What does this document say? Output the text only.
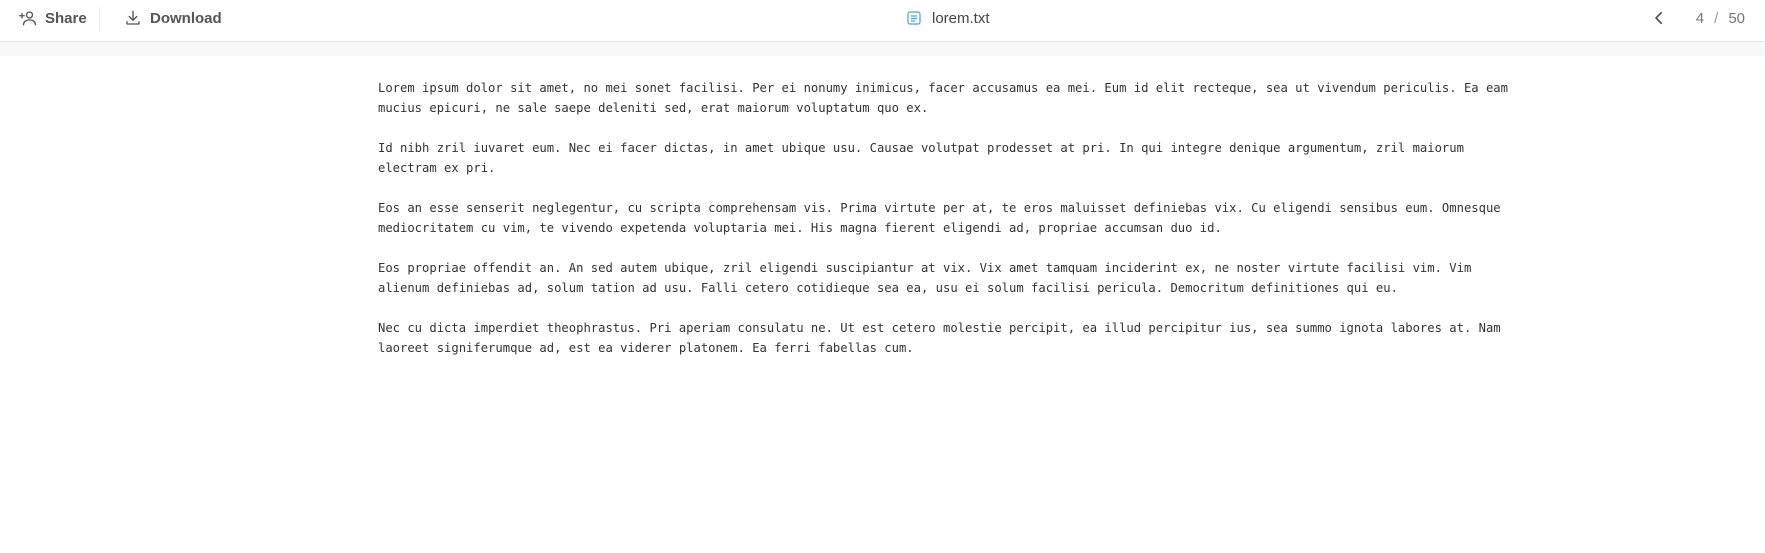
Share	Download	lorem.txt	4 / 50

Lorem ipsum dolor sit amet, no mei sonet facilisi. Per ei nonumy inimicus, facer accusamus ea mei. Eum id elit recteque, sea ut vivendum periculis. Ea eam mucius epicuri, ne sale saepe deleniti sed, erat maiorum voluptatum quo ex.

Id nibh zril iuvaret eum. Nec ei facer dictas, in amet ubique usu. Causae volutpat prodesset at pri. In qui integre denique argumentum, zril maiorum electram ex pri.

Eos an esse senserit neglegentur, cu scripta comprehensam vis. Prima virtute per at, te eros maluisset definiebas vix. Cu eligendi sensibus eum. Omnesque mediocritatem cu vim, te vivendo expetenda voluptaria mei. His magna fierent eligendi ad, propriae accumsan duo id.

Eos propriae offendit an. An sed autem ubique, zril eligendi suscipiantur at vix. Vix amet tamquam inciderint ex, ne noster virtute facilisi vim. Vim alienum definiebas ad, solum tation ad usu. Falli cetero cotidieque sea ea, usu ei solum facilisi pericula. Democritum definitiones qui eu.

Nec cu dicta imperdiet theophrastus. Pri aperiam consulatu ne. Ut est cetero molestie percipit, ea illud percipitur ius, sea summo ignota labores at. Nam laoreet signiferumque ad, est ea viderer platonem. Ea ferri fabellas cum.
